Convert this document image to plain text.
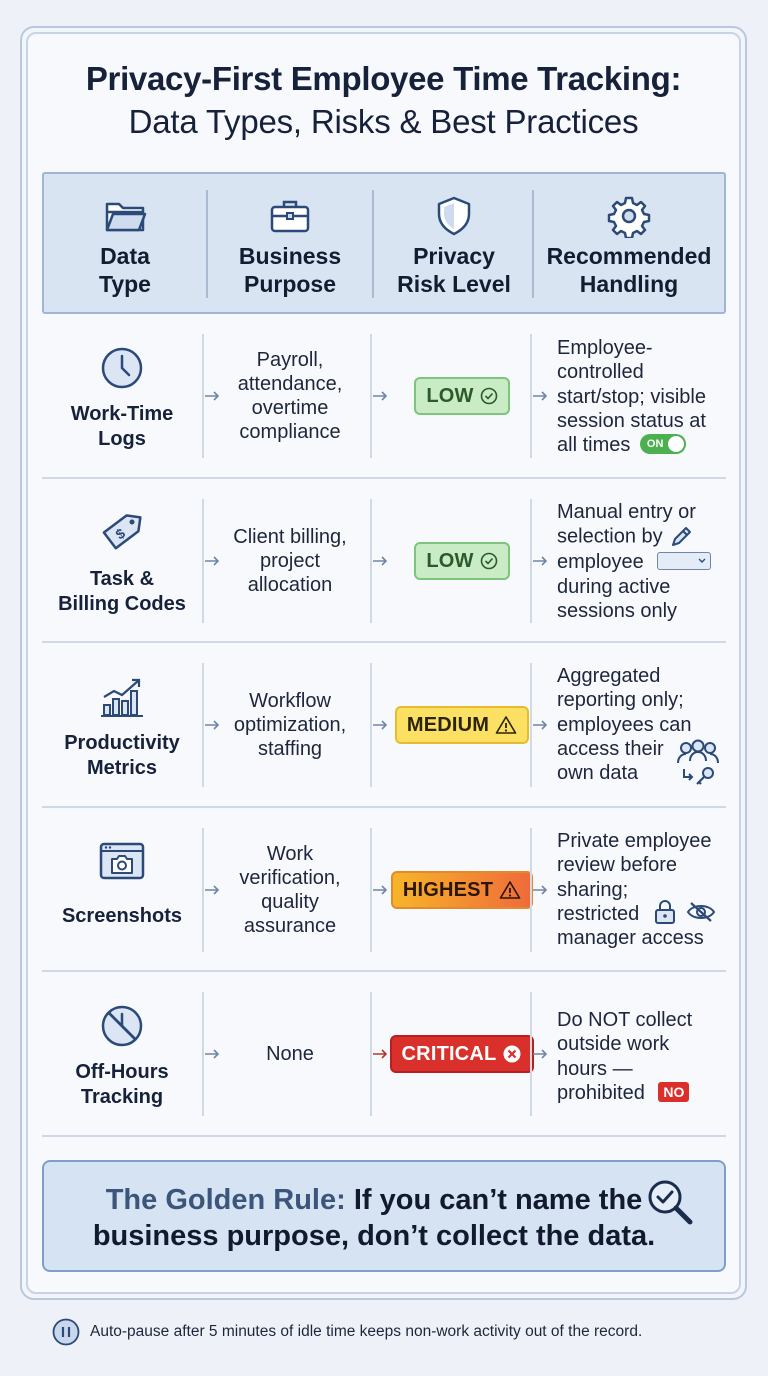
Privacy-First Employee Time Tracking:
Data Types, Risks & Best Practices
Data
Type
Business
Purpose
Privacy
Risk Level
Recommended
Handling
Work-Time
Logs
Payroll,
attendance,
overtime
compliance
LOW
Employee-
controlled
start/stop; visible
session status at
all times ON
$
Task &
Billing Codes
Client billing,
project
allocation
LOW
Manual entry or
selection by
employee
during active
sessions only
Productivity
Metrics
Workflow
optimization,
staffing
MEDIUM
Aggregated
reporting only;
employees can
access their
own data
Screenshots
Work
verification,
quality
assurance
HIGHEST
Private employee
review before
sharing;
restricted
manager access
Off-Hours
Tracking
None	CRITICAL
Do NOT collect
outside work
hours —
prohibited NO
The Golden Rule: If you can’t name the
business purpose, don’t collect the data.
Auto-pause after 5 minutes of idle time keeps non-work activity out of the record.
